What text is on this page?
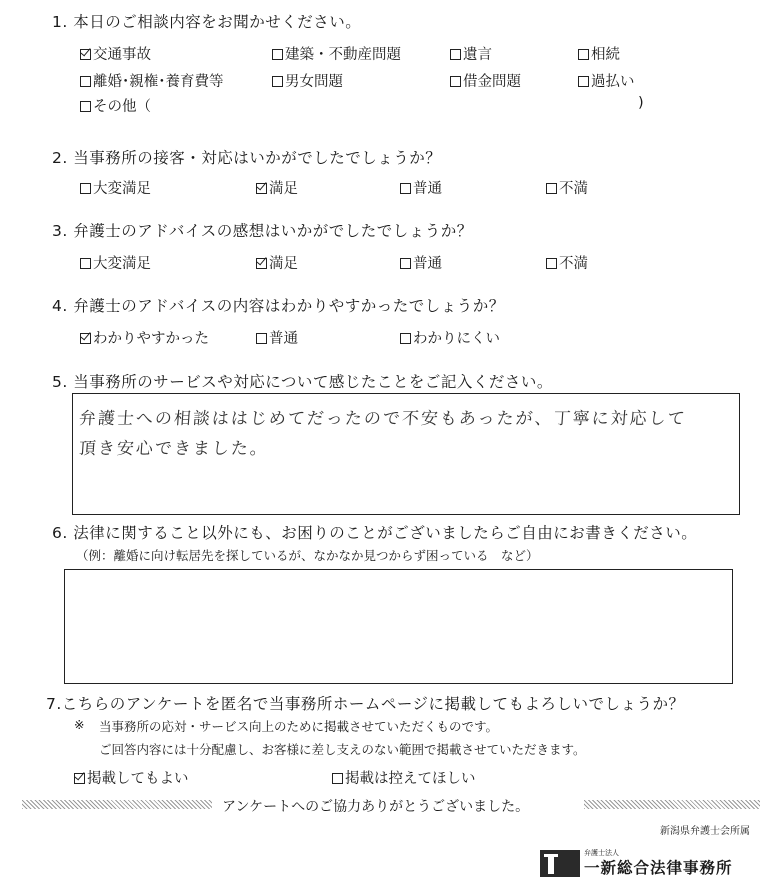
1. 本日のご相談内容をお聞かせください。
交通事故	建築・不動産問題	遺言	相続
離婚･親権･養育費等	男女問題	借金問題	過払い
その他（	)
2. 当事務所の接客・対応はいかがでしたでしょうか？
大変満足	満足	普通	不満
3. 弁護士のアドバイスの感想はいかがでしたでしょうか？
大変満足	満足	普通	不満
4. 弁護士のアドバイスの内容はわかりやすかったでしょうか？
わかりやすかった	普通	わかりにくい
5. 当事務所のサービスや対応について感じたことをご記入ください。
弁護士への相談ははじめてだったので不安もあったが、丁寧に対応して
頂き安心できました。
6. 法律に関すること以外にも、お困りのことがございましたらご自由にお書きください。
（例：離婚に向け転居先を探しているが、なかなか見つからず困っている　など）
7.こちらのアンケートを匿名で当事務所ホームページに掲載してもよろしいでしょうか？
※ 当事務所の応対・サービス向上のために掲載させていただくものです。
ご回答内容には十分配慮し、お客様に差し支えのない範囲で掲載させていただきます。
掲載してもよい	掲載は控えてほしい
アンケートへのご協力ありがとうございました。
新潟県弁護士会所属
弁護士法人
一新総合法律事務所
